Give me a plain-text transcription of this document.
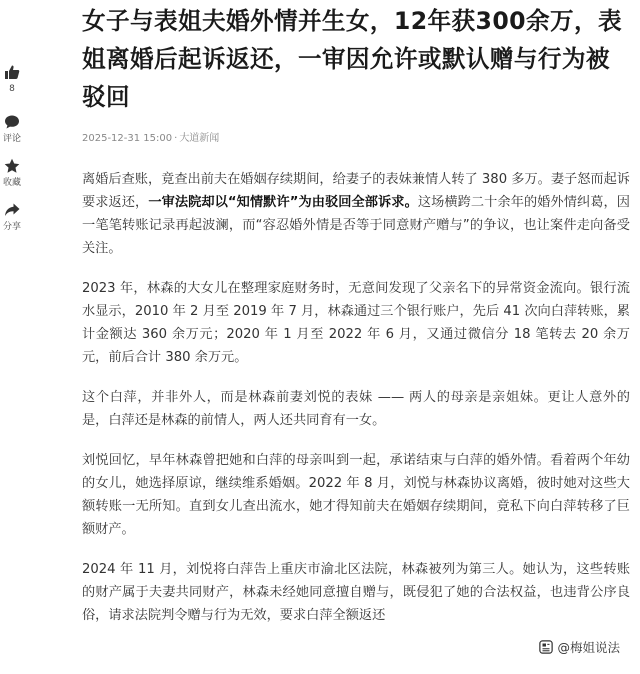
8
评论
收藏
分享
女子与表姐夫婚外情并生女，12年获300余万，表姐离婚后起诉返还，一审因允许或默认赠与行为被驳回
2025-12-31 15:00 · 大道新闻

离婚后查账，竟查出前夫在婚姻存续期间，给妻子的表妹兼情人转了 380 多万。妻子怒而起诉要求返还，一审法院却以“知情默许”为由驳回全部诉求。这场横跨二十余年的婚外情纠葛，因一笔笔转账记录再起波澜，而“容忍婚外情是否等于同意财产赠与”的争议，也让案件走向备受关注。

2023 年，林森的大女儿在整理家庭财务时，无意间发现了父亲名下的异常资金流向。银行流水显示，2010 年 2 月至 2019 年 7 月，林森通过三个银行账户，先后 41 次向白萍转账，累计金额达 360 余万元；2020 年 1 月至 2022 年 6 月，又通过微信分 18 笔转去 20 余万元，前后合计 380 余万元。

这个白萍，并非外人，而是林森前妻刘悦的表妹 —— 两人的母亲是亲姐妹。更让人意外的是，白萍还是林森的前情人，两人还共同育有一女。

刘悦回忆，早年林森曾把她和白萍的母亲叫到一起，承诺结束与白萍的婚外情。看着两个年幼的女儿，她选择原谅，继续维系婚姻。2022 年 8 月，刘悦与林森协议离婚，彼时她对这些大额转账一无所知。直到女儿查出流水，她才得知前夫在婚姻存续期间，竟私下向白萍转移了巨额财产。

2024 年 11 月，刘悦将白萍告上重庆市渝北区法院，林森被列为第三人。她认为，这些转账的财产属于夫妻共同财产，林森未经她同意擅自赠与，既侵犯了她的合法权益，也违背公序良俗，请求法院判令赠与行为无效，要求白萍全额返还

@梅姐说法
